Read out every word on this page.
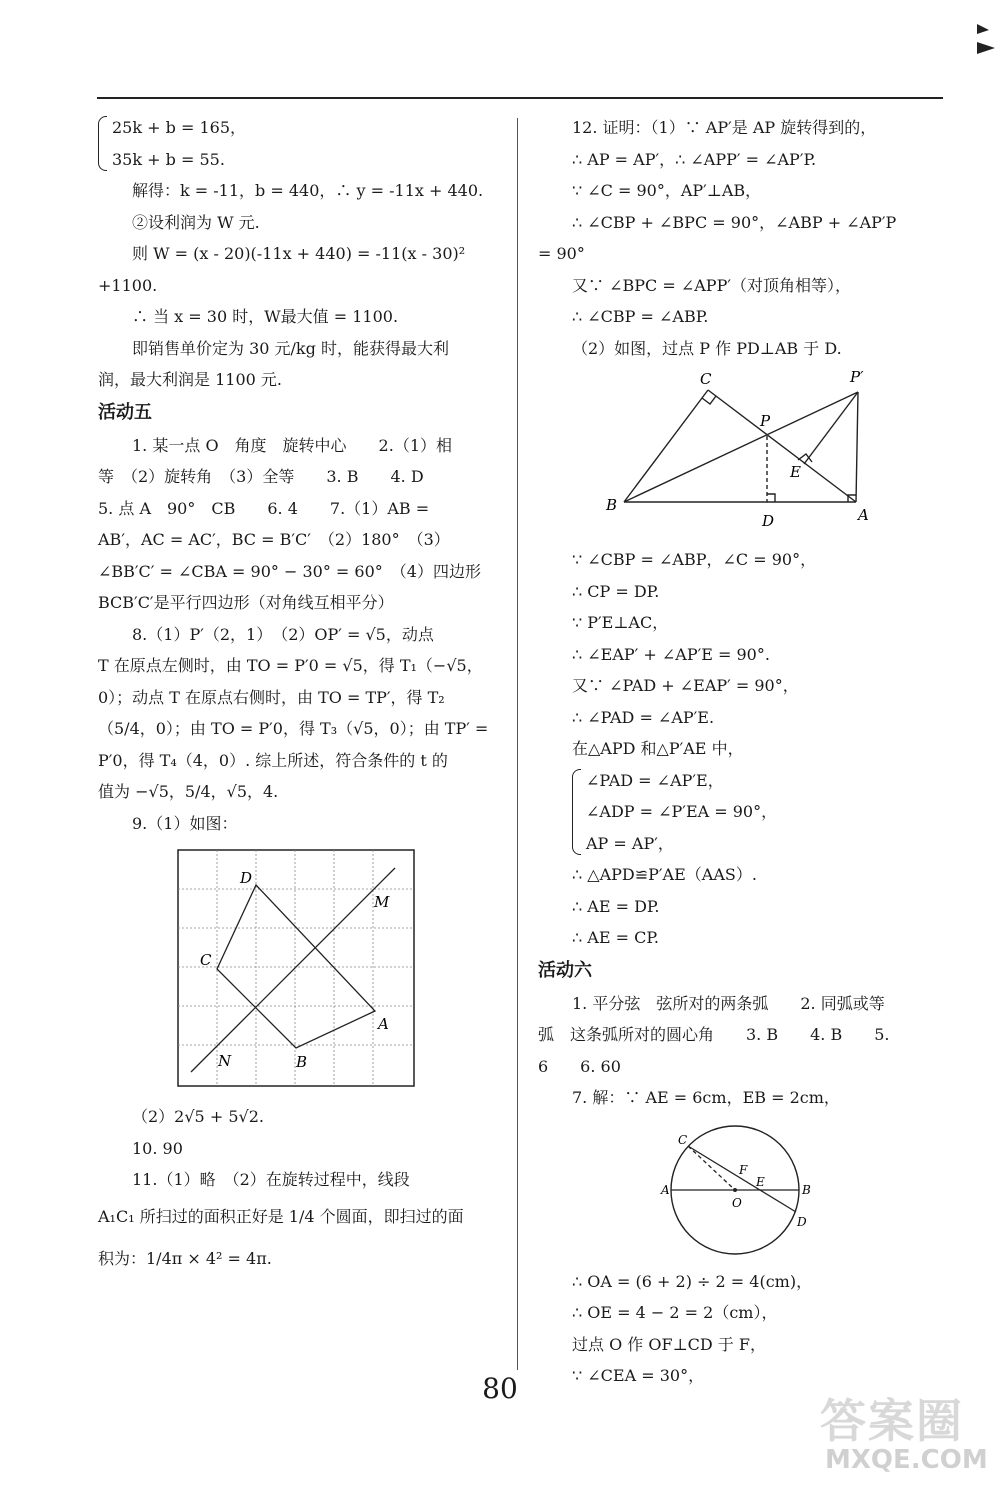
25k + b = 165，
35k + b = 55.
解得：k = -11，b = 440，∴ y = -11x + 440.
②设利润为 W 元.
则 W = (x - 20)(-11x + 440) = -11(x - 30)²
+1100.
∴ 当 x = 30 时，W最大值 = 1100.
即销售单价定为 30 元/kg 时，能获得最大利
润，最大利润是 1100 元.
活动五
1. 某一点 O　角度　旋转中心　　2.（1）相
等　（2）旋转角　（3）全等　　3. B　　4. D
5. 点 A　90°　CB　　6. 4　　7.（1）AB =
AB′，AC = AC′，BC = B′C′　（2）180°　（3）
∠BB′C′ = ∠CBA = 90° − 30° = 60°　（4）四边形
BCB′C′是平行四边形（对角线互相平分）
8.（1）P′（2，1）　（2）OP′ = √5，动点
T 在原点左侧时，由 TO = P′0 = √5，得 T₁（−√5，
0）；动点 T 在原点右侧时，由 TO = TP′，得 T₂
（5/4，0）；由 TO = P′0，得 T₃（√5，0）；由 TP′ =
P′0，得 T₄（4，0）. 综上所述，符合条件的 t 的
值为 −√5，5/4，√5，4.
9.（1）如图：
D
M
C
A
N	B
（2）2√5 + 5√2.
10. 90
11.（1）略　（2）在旋转过程中，线段
A₁C₁ 所扫过的面积正好是 1/4 个圆面，即扫过的面
积为：1/4π × 4² = 4π.
12. 证明：（1）∵ AP′是 AP 旋转得到的，
∴ AP = AP′，∴ ∠APP′ = ∠AP′P.
∵ ∠C = 90°，AP′⊥AB，
∴ ∠CBP + ∠BPC = 90°，∠ABP + ∠AP′P
= 90°
又∵ ∠BPC = ∠APP′（对顶角相等），
∴ ∠CBP = ∠ABP.
（2）如图，过点 P 作 PD⊥AB 于 D.
C	P′
P
E
B
D	A
∵ ∠CBP = ∠ABP，∠C = 90°，
∴ CP = DP.
∵ P′E⊥AC，
∴ ∠EAP′ + ∠AP′E = 90°.
又∵ ∠PAD + ∠EAP′ = 90°，
∴ ∠PAD = ∠AP′E.
在△APD 和△P′AE 中，
∠PAD = ∠AP′E，
∠ADP = ∠P′EA = 90°，
AP = AP′，
∴ △APD≌P′AE（AAS）.
∴ AE = DP.
∴ AE = CP.
活动六
1. 平分弦　弦所对的两条弧　　2. 同弧或等
弧　这条弧所对的圆心角　　3. B　　4. B　　5.
6　　6. 60
7. 解：∵ AE = 6cm，EB = 2cm，
C
F
E
A
O
B
D
∴ OA = (6 + 2) ÷ 2 = 4(cm)，
∴ OE = 4 − 2 = 2（cm），
过点 O 作 OF⊥CD 于 F，
∵ ∠CEA = 30°，
80
答案圈
MXQE.COM
